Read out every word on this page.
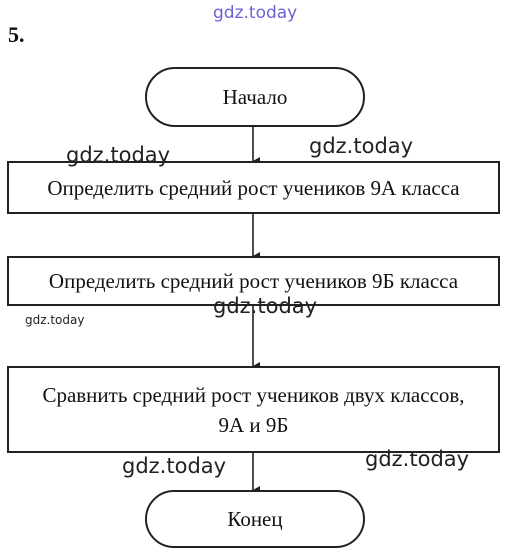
5.
Начало
Определить средний рост учеников 9А класса
Определить средний рост учеников 9Б класса
Сравнить средний рост учеников двух классов,
9А и 9Б
Конец
gdz.today
gdz.today	gdz.today
gdz.today
gdz.today
gdz.today	gdz.today
